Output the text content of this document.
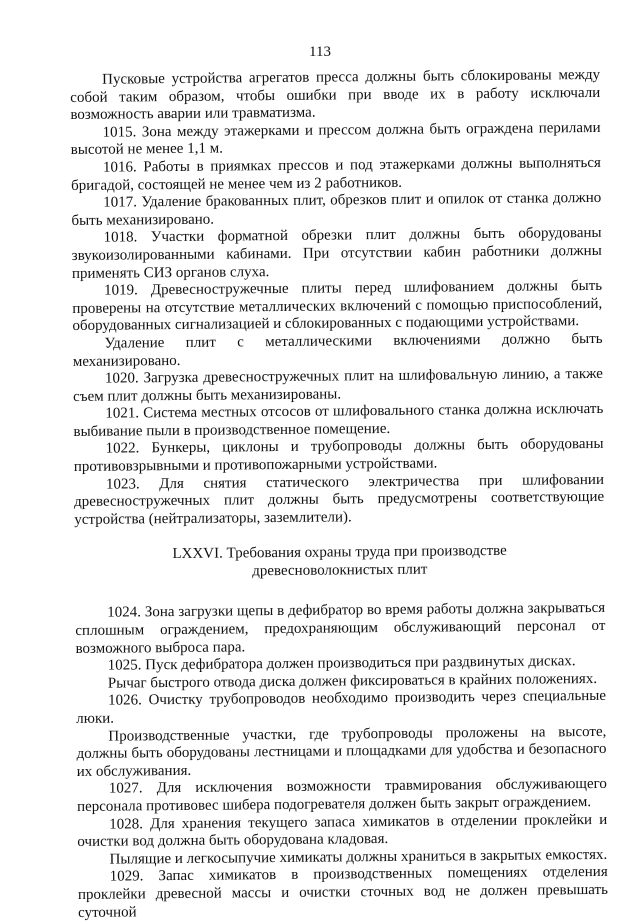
113

Пусковые устройства агрегатов пресса должны быть сблокированы между собой таким образом, чтобы ошибки при вводе их в работу исключали возможность аварии или травматизма.

1015. Зона между этажерками и прессом должна быть ограждена перилами высотой не менее 1,1 м.

1016. Работы в приямках прессов и под этажерками должны выполняться бригадой, состоящей не менее чем из 2 работников.

1017. Удаление бракованных плит, обрезков плит и опилок от станка должно быть механизировано.

1018. Участки форматной обрезки плит должны быть оборудованы звукоизолированными кабинами. При отсутствии кабин работники должны применять СИЗ органов слуха.

1019. Древесностружечные плиты перед шлифованием должны быть проверены на отсутствие металлических включений с помощью приспособлений, оборудованных сигнализацией и сблокированных с подающими устройствами.

Удаление плит с металлическими включениями должно быть механизировано.

1020. Загрузка древесностружечных плит на шлифовальную линию, а также съем плит должны быть механизированы.

1021. Система местных отсосов от шлифовального станка должна исключать выбивание пыли в производственное помещение.

1022. Бункеры, циклоны и трубопроводы должны быть оборудованы противовзрывными и противопожарными устройствами.

1023. Для снятия статического электричества при шлифовании древесностружечных плит должны быть предусмотрены соответствующие устройства (нейтрализаторы, заземлители).

LXXVI. Требования охраны труда при производстве
древесноволокнистых плит

1024. Зона загрузки щепы в дефибратор во время работы должна закрываться сплошным ограждением, предохраняющим обслуживающий персонал от возможного выброса пара.

1025. Пуск дефибратора должен производиться при раздвинутых дисках.

Рычаг быстрого отвода диска должен фиксироваться в крайних положениях.

1026. Очистку трубопроводов необходимо производить через специальные люки.

Производственные участки, где трубопроводы проложены на высоте, должны быть оборудованы лестницами и площадками для удобства и безопасного их обслуживания.

1027. Для исключения возможности травмирования обслуживающего персонала противовес шибера подогревателя должен быть закрыт ограждением.

1028. Для хранения текущего запаса химикатов в отделении проклейки и очистки вод должна быть оборудована кладовая.

Пылящие и легкосыпучие химикаты должны храниться в закрытых емкостях.

1029. Запас химикатов в производственных помещениях отделения проклейки древесной массы и очистки сточных вод не должен превышать суточной
